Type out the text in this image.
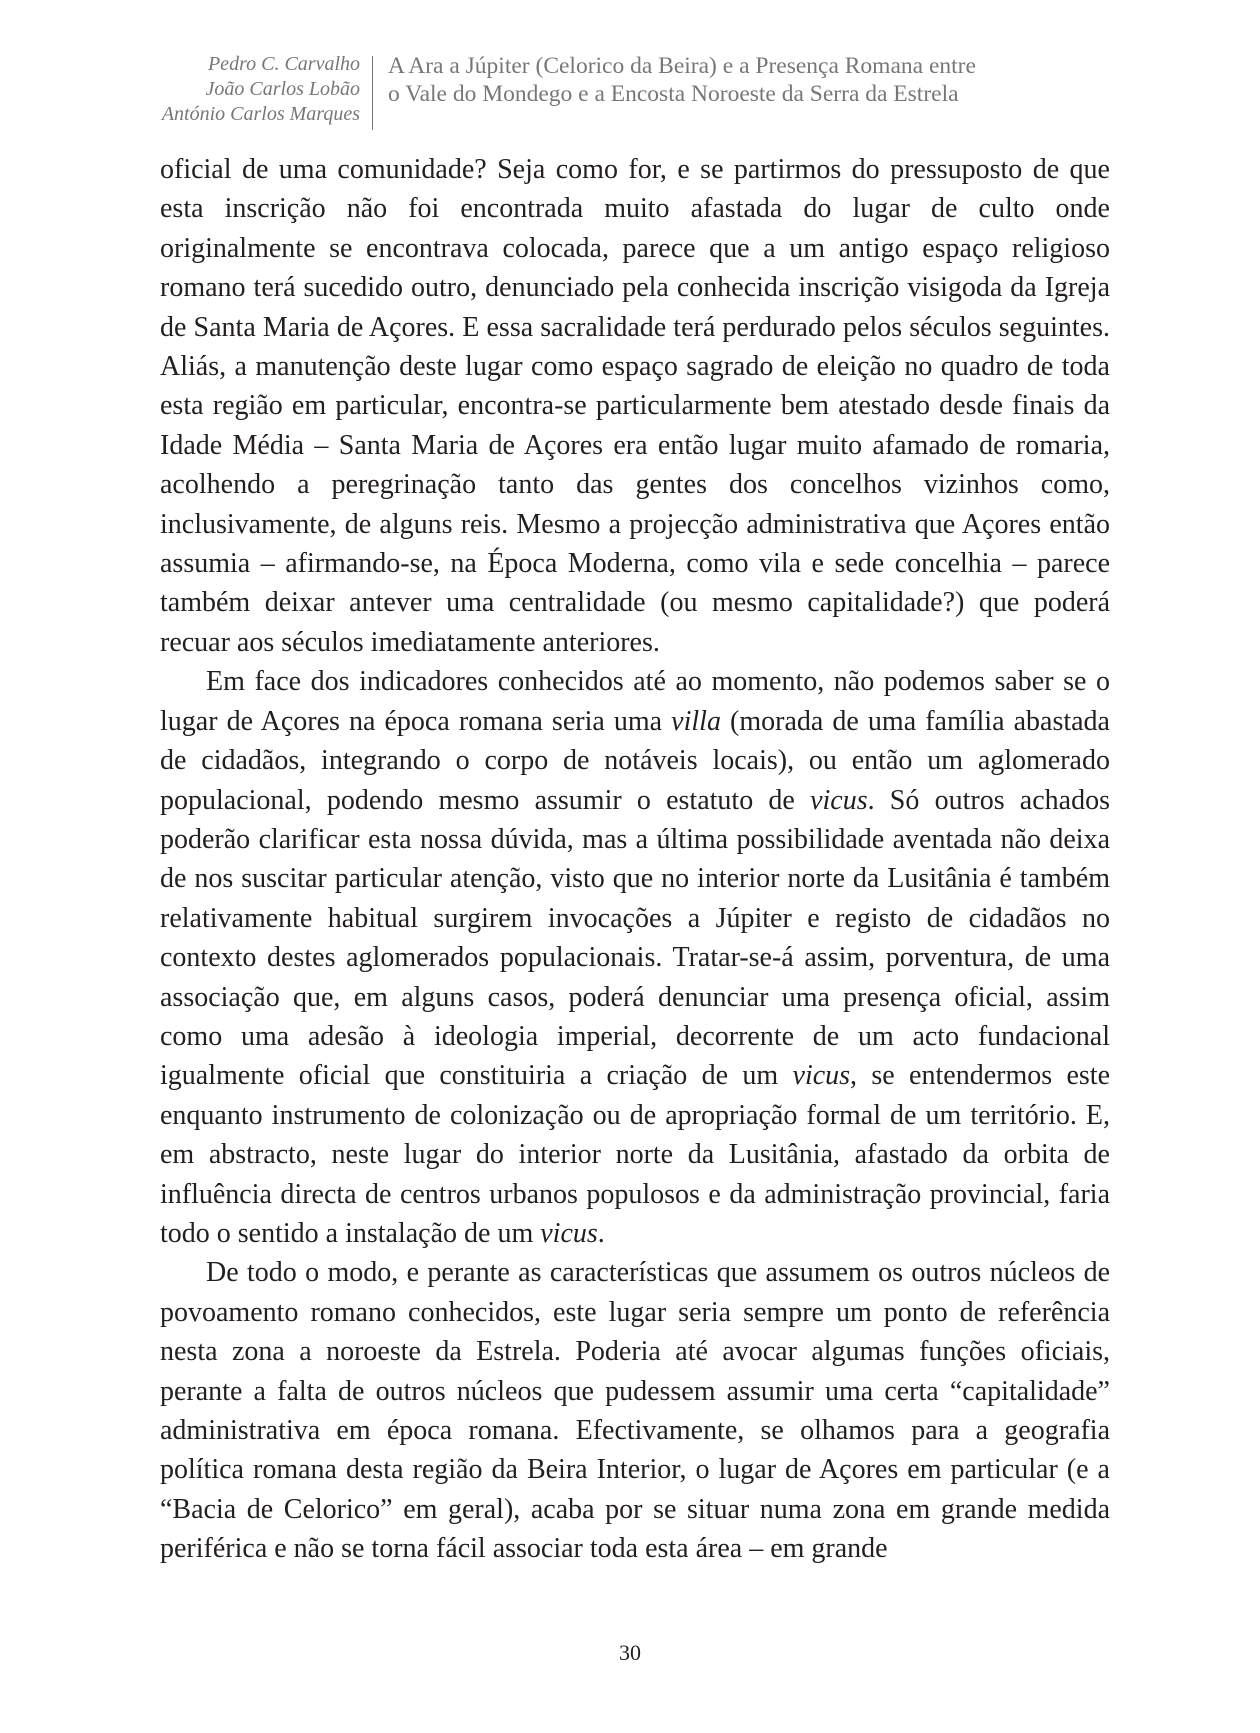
Pedro C. Carvalho
João Carlos Lobão
António Carlos Marques
A Ara a Júpiter (Celorico da Beira) e a Presença Romana entre
o Vale do Mondego e a Encosta Noroeste da Serra da Estrela

oficial de uma comunidade? Seja como for, e se partirmos do pressuposto de que esta inscrição não foi encontrada muito afastada do lugar de culto onde originalmente se encontrava colocada, parece que a um antigo espaço religioso romano terá sucedido outro, denunciado pela conhecida inscrição visigoda da Igreja de Santa Maria de Açores. E essa sacralidade terá perdurado pelos séculos seguintes. Aliás, a manutenção deste lugar como espaço sagrado de eleição no quadro de toda esta região em particular, encontra-se particularmente bem atestado desde finais da Idade Média – Santa Maria de Açores era então lugar muito afamado de romaria, acolhendo a peregrinação tanto das gentes dos concelhos vizinhos como, inclusivamente, de alguns reis. Mesmo a projecção administrativa que Açores então assumia – afirmando-se, na Época Moderna, como vila e sede concelhia – parece também deixar antever uma centralidade (ou mesmo capitalidade?) que poderá recuar aos séculos imediatamente anteriores.

Em face dos indicadores conhecidos até ao momento, não podemos saber se o lugar de Açores na época romana seria uma villa (morada de uma família abastada de cidadãos, integrando o corpo de notáveis locais), ou então um aglomerado populacional, podendo mesmo assumir o estatuto de vicus. Só outros achados poderão clarificar esta nossa dúvida, mas a última possibilidade aventada não deixa de nos suscitar particular atenção, visto que no interior norte da Lusitânia é também relativamente habitual surgirem invocações a Júpiter e registo de cidadãos no contexto destes aglomerados populacionais. Tratar-se-á assim, porventura, de uma associação que, em alguns casos, poderá denunciar uma presença oficial, assim como uma adesão à ideologia imperial, decorrente de um acto fundacional igualmente oficial que constituiria a criação de um vicus, se entendermos este enquanto instrumento de colonização ou de apropriação formal de um território. E, em abstracto, neste lugar do interior norte da Lusitânia, afastado da orbita de influência directa de centros urbanos populosos e da administração provincial, faria todo o sentido a instalação de um vicus.

De todo o modo, e perante as características que assumem os outros núcleos de povoamento romano conhecidos, este lugar seria sempre um ponto de referência nesta zona a noroeste da Estrela. Poderia até avocar algumas funções oficiais, perante a falta de outros núcleos que pudessem assumir uma certa “capitalidade” administrativa em época romana. Efectivamente, se olhamos para a geografia política romana desta região da Beira Interior, o lugar de Açores em particular (e a “Bacia de Celorico” em geral), acaba por se situar numa zona em grande medida periférica e não se torna fácil associar toda esta área – em grande

30
